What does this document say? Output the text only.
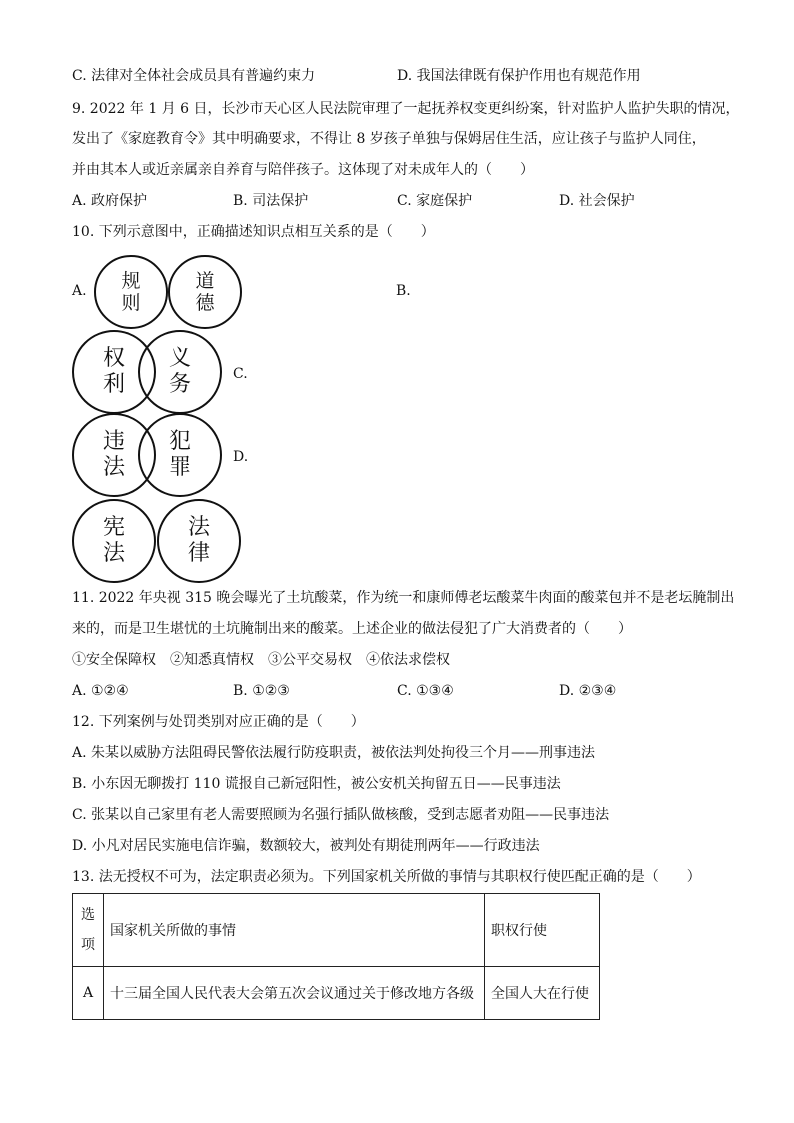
C. 法律对全体社会成员具有普遍约束力	D. 我国法律既有保护作用也有规范作用
9. 2022 年 1 月 6 日，长沙市天心区人民法院审理了一起抚养权变更纠纷案，针对监护人监护失职的情况，
发出了《家庭教育令》其中明确要求，不得让 8 岁孩子单独与保姆居住生活，应让孩子与监护人同住，
并由其本人或近亲属亲自养育与陪伴孩子。这体现了对未成年人的（　　）
A. 政府保护	B. 司法保护	C. 家庭保护	D. 社会保护
10. 下列示意图中，正确描述知识点相互关系的是（　　）
A. 规则
道德
B.
权利
义务	C.
违法
犯罪	D.
宪法
法律
11. 2022 年央视 315 晚会曝光了土坑酸菜，作为统一和康师傅老坛酸菜牛肉面的酸菜包并不是老坛腌制出
来的，而是卫生堪忧的土坑腌制出来的酸菜。上述企业的做法侵犯了广大消费者的（　　）
①安全保障权　②知悉真情权　③公平交易权　④依法求偿权
A. ①②④	B. ①②③	C. ①③④	D. ②③④
12. 下列案例与处罚类别对应正确的是（　　）
A. 朱某以威胁方法阻碍民警依法履行防疫职责，被依法判处拘役三个月——刑事违法
B. 小东因无聊拨打 110 谎报自己新冠阳性，被公安机关拘留五日——民事违法
C. 张某以自己家里有老人需要照顾为名强行插队做核酸，受到志愿者劝阻——民事违法
D. 小凡对居民实施电信诈骗，数额较大，被判处有期徒刑两年——行政违法
13. 法无授权不可为，法定职责必须为。下列国家机关所做的事情与其职权行使匹配正确的是（　　）
选项	国家机关所做的事情	职权行使
A	十三届全国人民代表大会第五次会议通过关于修改地方各级	全国人大在行使
